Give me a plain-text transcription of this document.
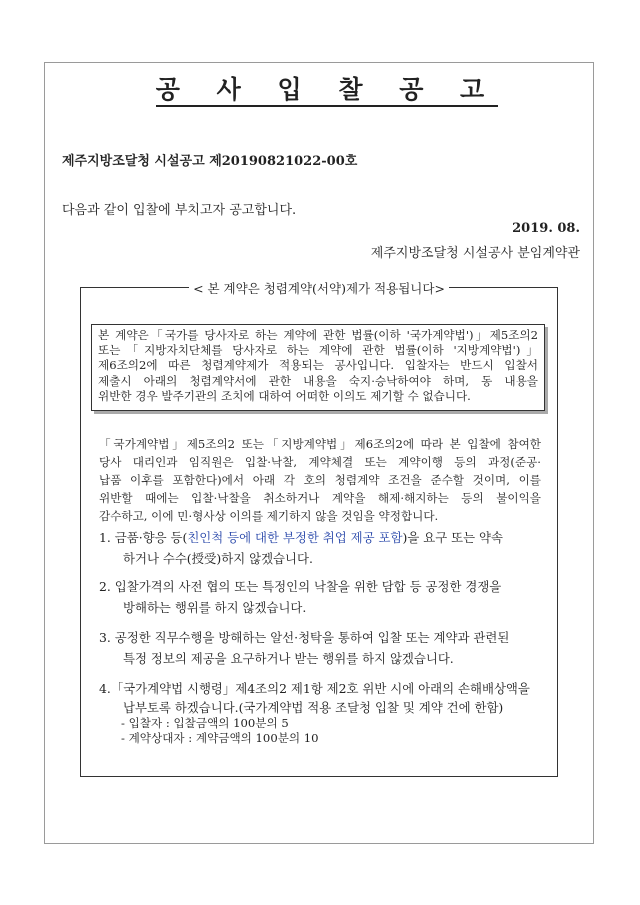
공 사 입 찰 공 고
제주지방조달청 시설공고 제20190821022-00호
다음과 같이 입찰에 부치고자 공고합니다.
2019. 08.
제주지방조달청 시설공사 분임계약관
< 본 계약은 청렴계약(서약)제가 적용됩니다>

본 계약은「국가를 당사자로 하는 계약에 관한 법률(이하 '국가계약법')」제5조의2

또는「지방자치단체를 당사자로 하는 계약에 관한 법률(이하 '지방계약법')」

제6조의2에 따른 청렴계약제가 적용되는 공사입니다. 입찰자는 반드시 입찰서

제출시 아래의 청렴계약서에 관한 내용을 숙지·승낙하여야 하며, 동 내용을

위반한 경우 발주기관의 조치에 대하여 어떠한 이의도 제기할 수 없습니다.

「국가계약법」제5조의2 또는「지방계약법」제6조의2에 따라 본 입찰에 참여한

당사 대리인과 임직원은 입찰·낙찰, 계약체결 또는 계약이행 등의 과정(준공·

납품 이후를 포함한다)에서 아래 각 호의 청렴계약 조건을 준수할 것이며, 이를

위반할 때에는 입찰·낙찰을 취소하거나 계약을 해제·해지하는 등의 불이익을

감수하고, 이에 민·형사상 이의를 제기하지 않을 것임을 약정합니다.

1. 금품·향응 등(친인척 등에 대한 부정한 취업 제공 포함)을 요구 또는 약속
하거나 수수(授受)하지 않겠습니다.
2. 입찰가격의 사전 협의 또는 특정인의 낙찰을 위한 담합 등 공정한 경쟁을
방해하는 행위를 하지 않겠습니다.
3. 공정한 직무수행을 방해하는 알선·청탁을 통하여 입찰 또는 계약과 관련된
특정 정보의 제공을 요구하거나 받는 행위를 하지 않겠습니다.
4.「국가계약법 시행령」제4조의2 제1항 제2호 위반 시에 아래의 손해배상액을
납부토록 하겠습니다.(국가계약법 적용 조달청 입찰 및 계약 건에 한함)
- 입찰자 : 입찰금액의 100분의 5
- 계약상대자 : 계약금액의 100분의 10
